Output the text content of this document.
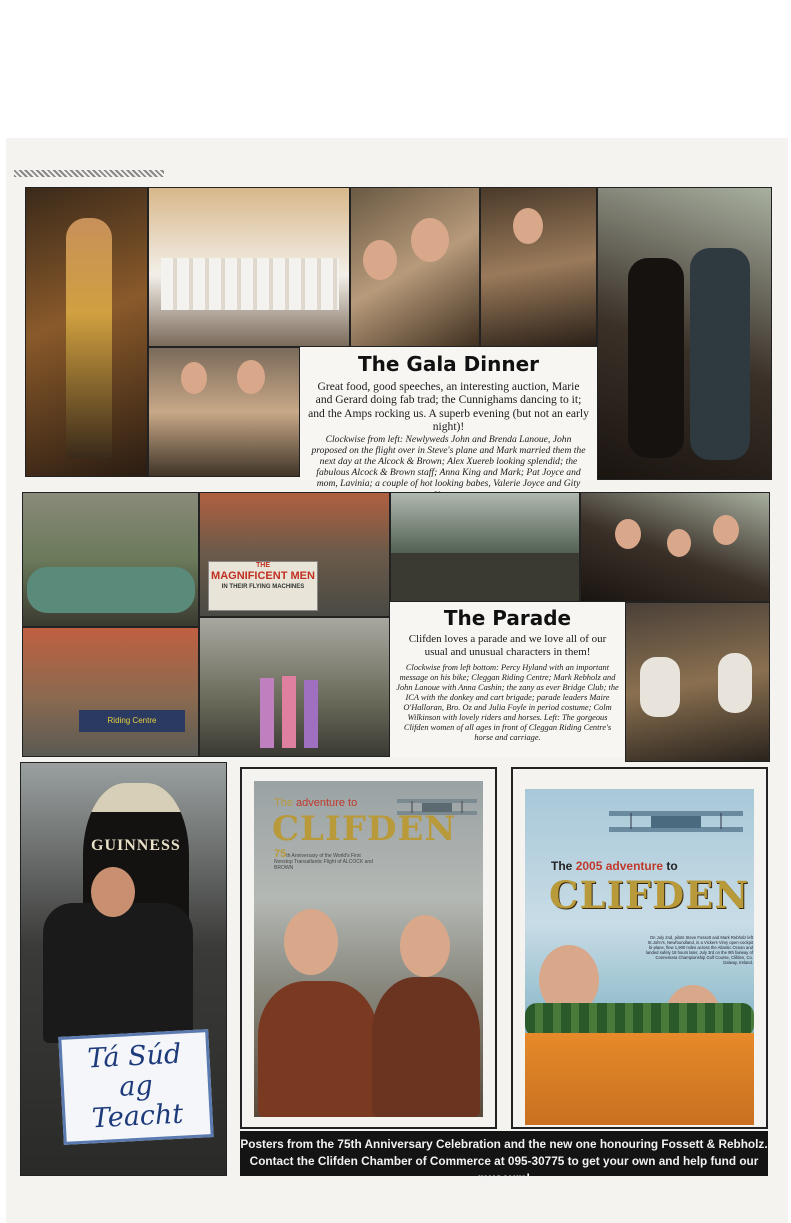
The Gala Dinner

Great food, good speeches, an interesting auction, Marie and Gerard doing fab trad; the Cunnighams dancing to it; and the Amps rocking us. A superb evening (but not an early night)!

Clockwise from left: Newlyweds John and Brenda Lanoue, John proposed on the flight over in Steve's plane and Mark married them the next day at the Alcock & Brown; Alex Xuereb looking splendid; the fabulous Alcock & Brown staff; Anna King and Mark; Pat Joyce and mom, Lavinia; a couple of hot looking babes, Valerie Joyce and Gity

THE
MAGNIFICENT MEN
IN THEIR FLYING MACHINES
Riding Centre
The Parade

Clifden loves a parade and we love all of our usual and unusual characters in them!

Clockwise from left bottom: Percy Hyland with an important message on his bike; Cleggan Riding Centre; Mark Rebholz and John Lanoue with Anna Cashin; the zany as ever Bridge Club; the ICA with the donkey and cart brigade; parade leaders Maire O'Halloran, Bro. Oz and Julia Foyle in period costume; Colm Wilkinson with lovely riders and horses. Left: The gorgeous Clifden women of all ages in front of Cleggan Riding Centre's horse and carriage.

GUINNESS
Tá Súd
ag
Teacht
The adventure to
CLIFDEN
75th Anniversary of the World's First Nonstop Transatlantic Flight of ALCOCK and BROWN	The 2005 adventure to
CLIFDEN
On July 2nd, pilots Steve Fossett and Mark Rebholz left St.John's, Newfoundland, in a Vickers Vimy open-cockpit bi-plane, flew 1,900 miles across the Atlantic Ocean and landed safely 18 hours later, July 3rd on the 9th fairway of Connemara Championship Golf Course, Clifden, Co. Galway, Ireland.
Posters from the 75th Anniversary Celebration and the new one honouring Fossett & Rebholz.
Contact the Clifden Chamber of Commerce at 095-30775 to get your own and help fund our museum!
